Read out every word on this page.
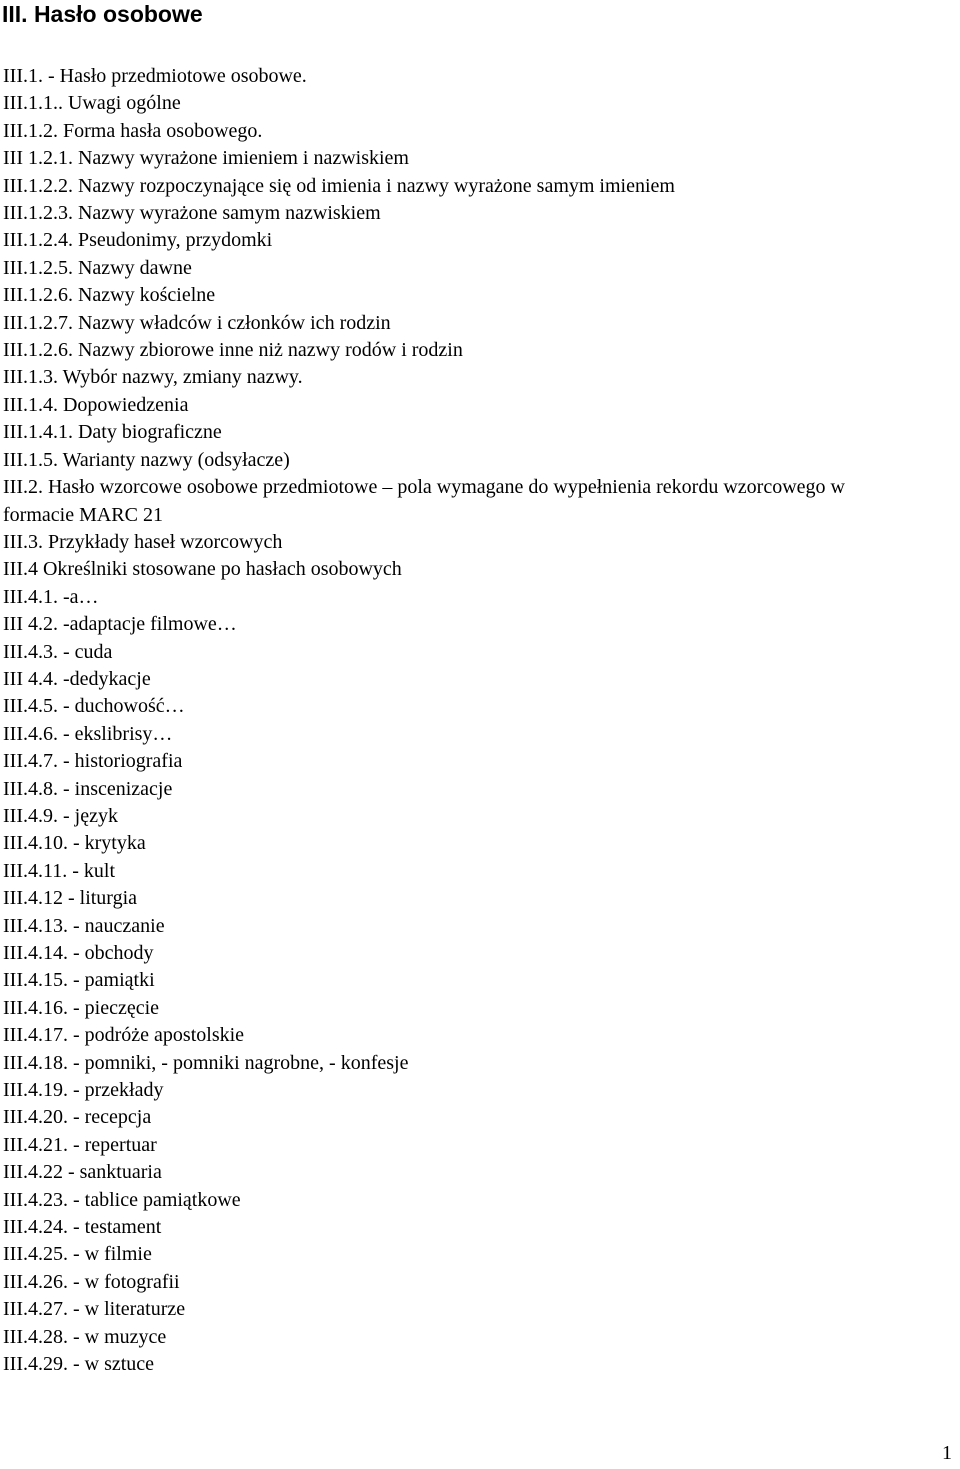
III. Hasło osobowe
III.1. - Hasło przedmiotowe osobowe.
III.1.1.. Uwagi ogólne
III.1.2. Forma hasła osobowego.
III 1.2.1. Nazwy wyrażone imieniem i nazwiskiem
III.1.2.2. Nazwy rozpoczynające się od imienia i nazwy wyrażone samym imieniem
III.1.2.3. Nazwy wyrażone samym nazwiskiem
III.1.2.4. Pseudonimy, przydomki
III.1.2.5. Nazwy dawne
III.1.2.6. Nazwy kościelne
III.1.2.7. Nazwy władców i członków ich rodzin
III.1.2.6. Nazwy zbiorowe inne niż nazwy rodów i rodzin
III.1.3. Wybór nazwy, zmiany nazwy.
III.1.4. Dopowiedzenia
III.1.4.1. Daty biograficzne
III.1.5. Warianty nazwy (odsyłacze)
III.2. Hasło wzorcowe osobowe przedmiotowe – pola wymagane do wypełnienia rekordu wzorcowego w formacie MARC 21
III.3. Przykłady haseł wzorcowych
III.4 Określniki stosowane po hasłach osobowych
III.4.1. -a…
III 4.2. -adaptacje filmowe…
III.4.3. - cuda
III 4.4. -dedykacje
III.4.5. - duchowość…
III.4.6. - ekslibrisy…
III.4.7. - historiografia
III.4.8. - inscenizacje
III.4.9. - język
III.4.10. - krytyka
III.4.11. - kult
III.4.12 - liturgia
III.4.13. - nauczanie
III.4.14. - obchody
III.4.15. - pamiątki
III.4.16. - pieczęcie
III.4.17. - podróże apostolskie
III.4.18. - pomniki, - pomniki nagrobne, - konfesje
III.4.19. - przekłady
III.4.20. - recepcja
III.4.21. - repertuar
III.4.22 - sanktuaria
III.4.23. - tablice pamiątkowe
III.4.24. - testament
III.4.25. - w filmie
III.4.26. - w fotografii
III.4.27. - w literaturze
III.4.28. - w muzyce
III.4.29. - w sztuce
1
